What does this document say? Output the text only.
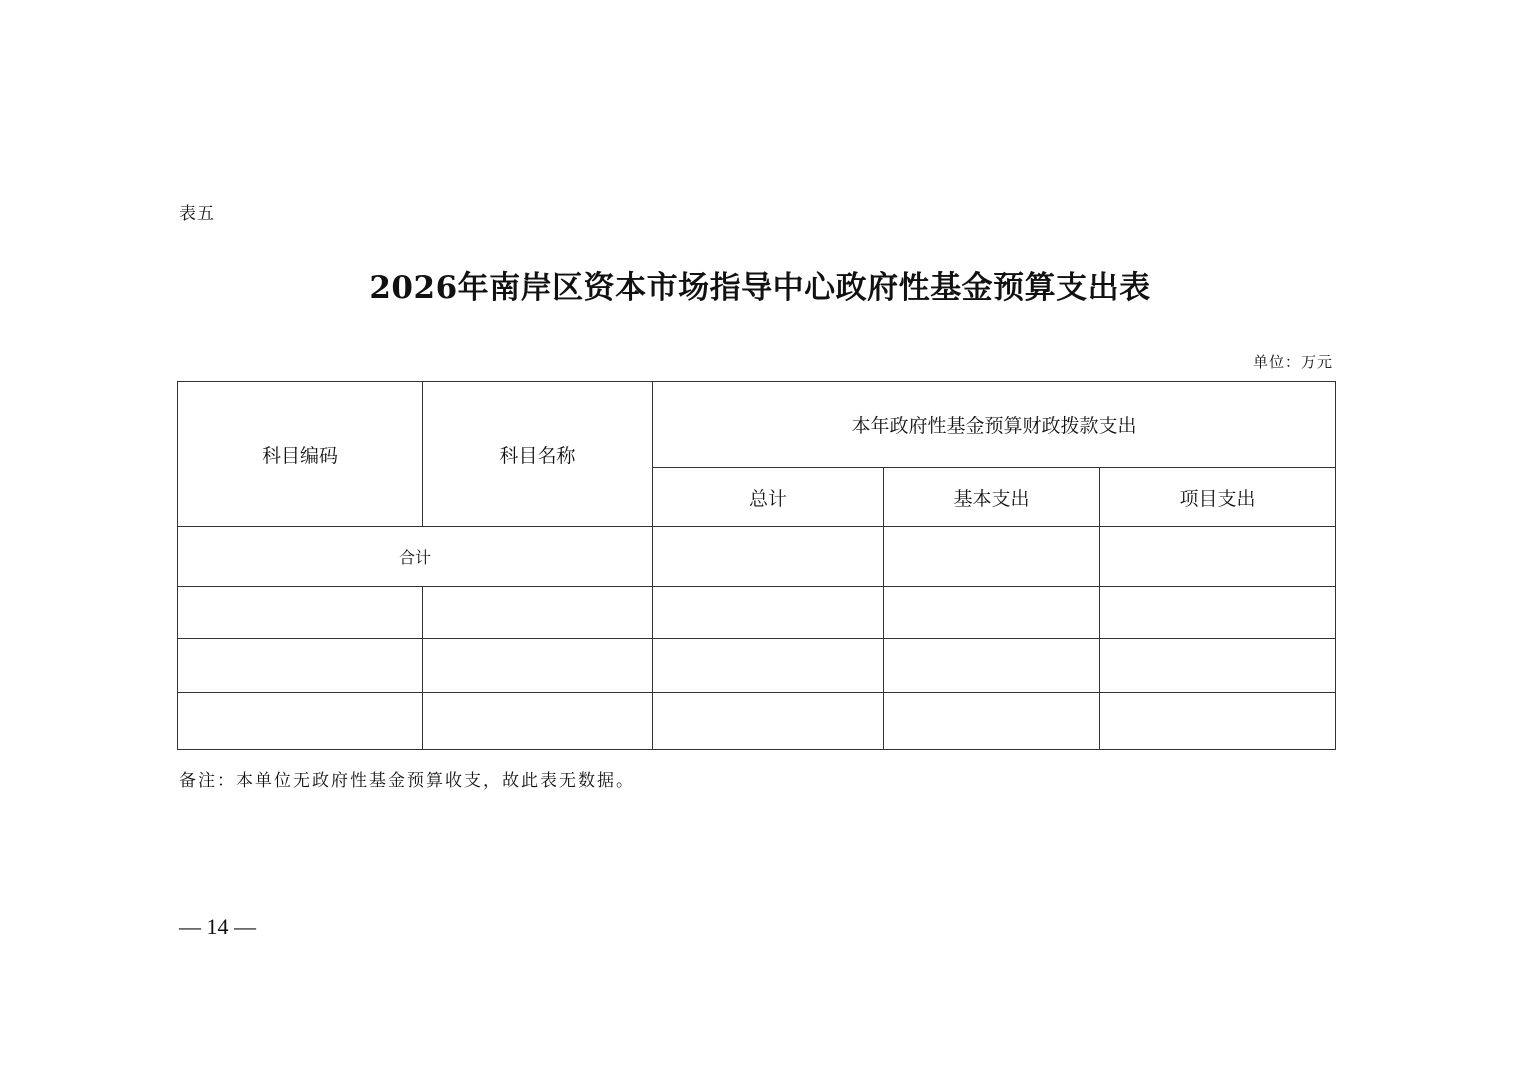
表五
2026年南岸区资本市场指导中心政府性基金预算支出表
单位：万元
科目编码	科目名称	本年政府性基金预算财政拨款支出		
		总计	基本支出	项目支出
合计				

备注：本单位无政府性基金预算收支，故此表无数据。
— 14 —
